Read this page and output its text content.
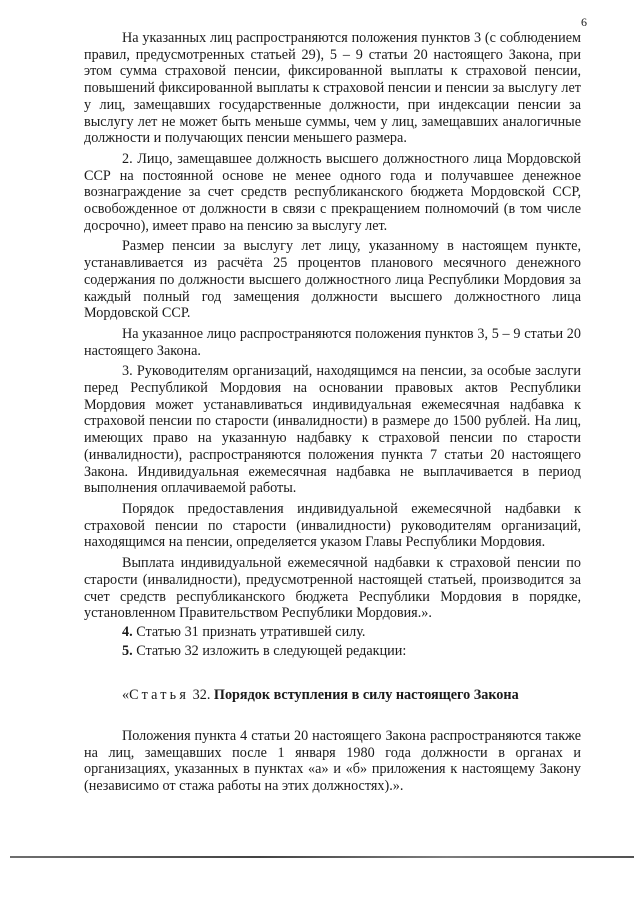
6

На указанных лиц распространяются положения пунктов 3 (с соблюдением правил, предусмотренных статьей 29), 5 – 9 статьи 20 настоящего Закона, при этом сумма страховой пенсии, фиксированной выплаты к страховой пенсии, повышений фиксированной выплаты к страховой пенсии и пенсии за выслугу лет у лиц, замещавших государственные должности, при индексации пенсии за выслугу лет не может быть меньше суммы, чем у лиц, замещавших аналогичные должности и получающих пенсии меньшего размера.

2. Лицо, замещавшее должность высшего должностного лица Мордовской ССР на постоянной основе не менее одного года и получавшее денежное вознаграждение за счет средств республиканского бюджета Мордовской ССР, освобожденное от должности в связи с прекращением полномочий (в том числе досрочно), имеет право на пенсию за выслугу лет.

Размер пенсии за выслугу лет лицу, указанному в настоящем пункте, устанавливается из расчёта 25 процентов планового месячного денежного содержания по должности высшего должностного лица Республики Мордовия за каждый полный год замещения должности высшего должностного лица Мордовской ССР.

На указанное лицо распространяются положения пунктов 3, 5 – 9 статьи 20 настоящего Закона.

3. Руководителям организаций, находящимся на пенсии, за особые заслуги перед Республикой Мордовия на основании правовых актов Республики Мордовия может устанавливаться индивидуальная ежемесячная надбавка к страховой пенсии по старости (инвалидности) в размере до 1500 рублей. На лиц, имеющих право на указанную надбавку к страховой пенсии по старости (инвалидности), распространяются положения пункта 7 статьи 20 настоящего Закона. Индивидуальная ежемесячная надбавка не выплачивается в период выполнения оплачиваемой работы.

Порядок предоставления индивидуальной ежемесячной надбавки к страховой пенсии по старости (инвалидности) руководителям организаций, находящимся на пенсии, определяется указом Главы Республики Мордовия.

Выплата индивидуальной ежемесячной надбавки к страховой пенсии по старости (инвалидности), предусмотренной настоящей статьей, производится за счет средств республиканского бюджета Республики Мордовия в порядке, установленном Правительством Республики Мордовия.».

4. Статью 31 признать утратившей силу.

5. Статью 32 изложить в следующей редакции:

«Статья 32. Порядок вступления в силу настоящего Закона

Положения пункта 4 статьи 20 настоящего Закона распространяются также на лиц, замещавших после 1 января 1980 года должности в органах и организациях, указанных в пунктах «а» и «б» приложения к настоящему Закону (независимо от стажа работы на этих должностях).».
